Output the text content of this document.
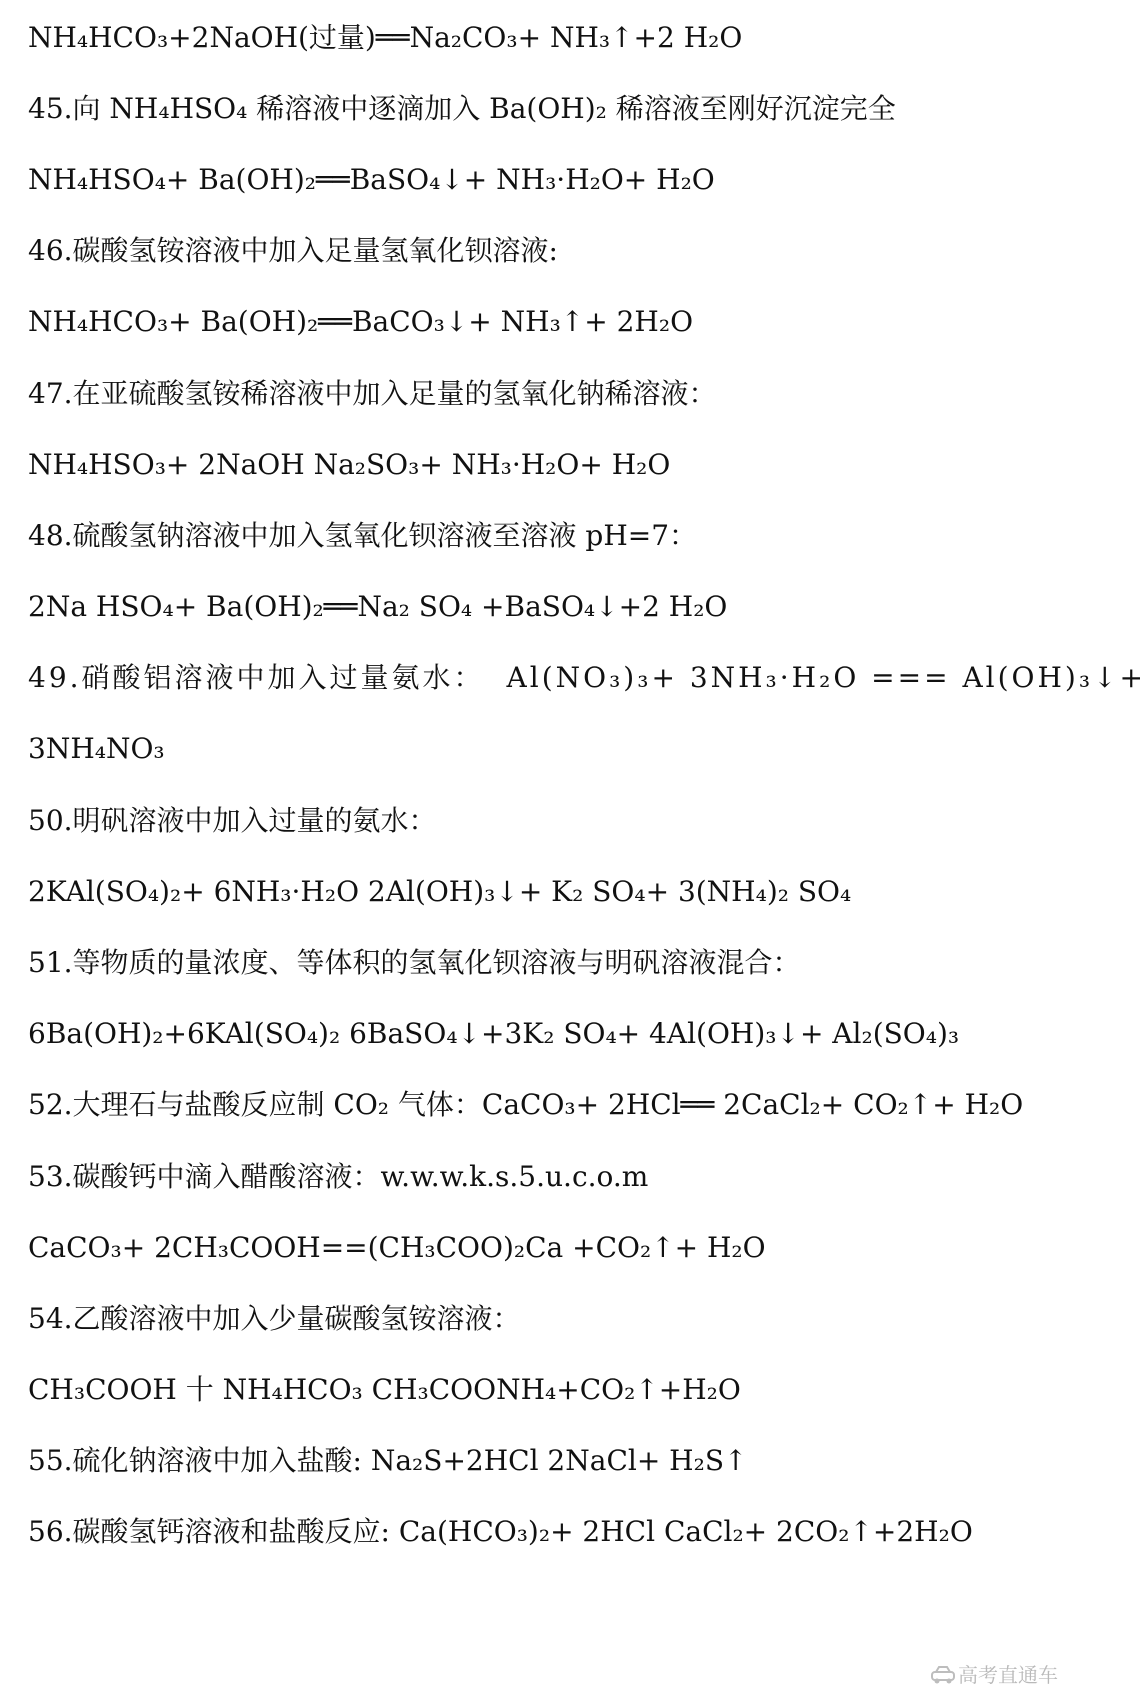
NH₄HCO₃+2NaOH(过量)══Na₂CO₃+ NH₃↑+2 H₂O
45.向 NH₄HSO₄ 稀溶液中逐滴加入 Ba(OH)₂ 稀溶液至刚好沉淀完全
NH₄HSO₄+ Ba(OH)₂══BaSO₄↓+ NH₃·H₂O+ H₂O
46.碳酸氢铵溶液中加入足量氢氧化钡溶液:
NH₄HCO₃+ Ba(OH)₂══BaCO₃↓+ NH₃↑+ 2H₂O
47.在亚硫酸氢铵稀溶液中加入足量的氢氧化钠稀溶液：
NH₄HSO₃+ 2NaOH Na₂SO₃+ NH₃·H₂O+ H₂O
48.硫酸氢钠溶液中加入氢氧化钡溶液至溶液 pH=7：
2Na HSO₄+ Ba(OH)₂══Na₂ SO₄ +BaSO₄↓+2 H₂O
49.硝酸铝溶液中加入过量氨水： Al(NO₃)₃+ 3NH₃·H₂O === Al(OH)₃↓+
3NH₄NO₃
50.明矾溶液中加入过量的氨水：
2KAl(SO₄)₂+ 6NH₃·H₂O 2Al(OH)₃↓+ K₂ SO₄+ 3(NH₄)₂ SO₄
51.等物质的量浓度、等体积的氢氧化钡溶液与明矾溶液混合：
6Ba(OH)₂+6KAl(SO₄)₂ 6BaSO₄↓+3K₂ SO₄+ 4Al(OH)₃↓+ Al₂(SO₄)₃
52.大理石与盐酸反应制 CO₂ 气体：CaCO₃+ 2HCl══ 2CaCl₂+ CO₂↑+ H₂O
53.碳酸钙中滴入醋酸溶液：w.w.w.k.s.5.u.c.o.m
CaCO₃+ 2CH₃COOH==(CH₃COO)₂Ca +CO₂↑+ H₂O
54.乙酸溶液中加入少量碳酸氢铵溶液：
CH₃COOH 十 NH₄HCO₃ CH₃COONH₄+CO₂↑+H₂O
55.硫化钠溶液中加入盐酸: Na₂S+2HCl 2NaCl+ H₂S↑
56.碳酸氢钙溶液和盐酸反应: Ca(HCO₃)₂+ 2HCl CaCl₂+ 2CO₂↑+2H₂O
高考直通车
